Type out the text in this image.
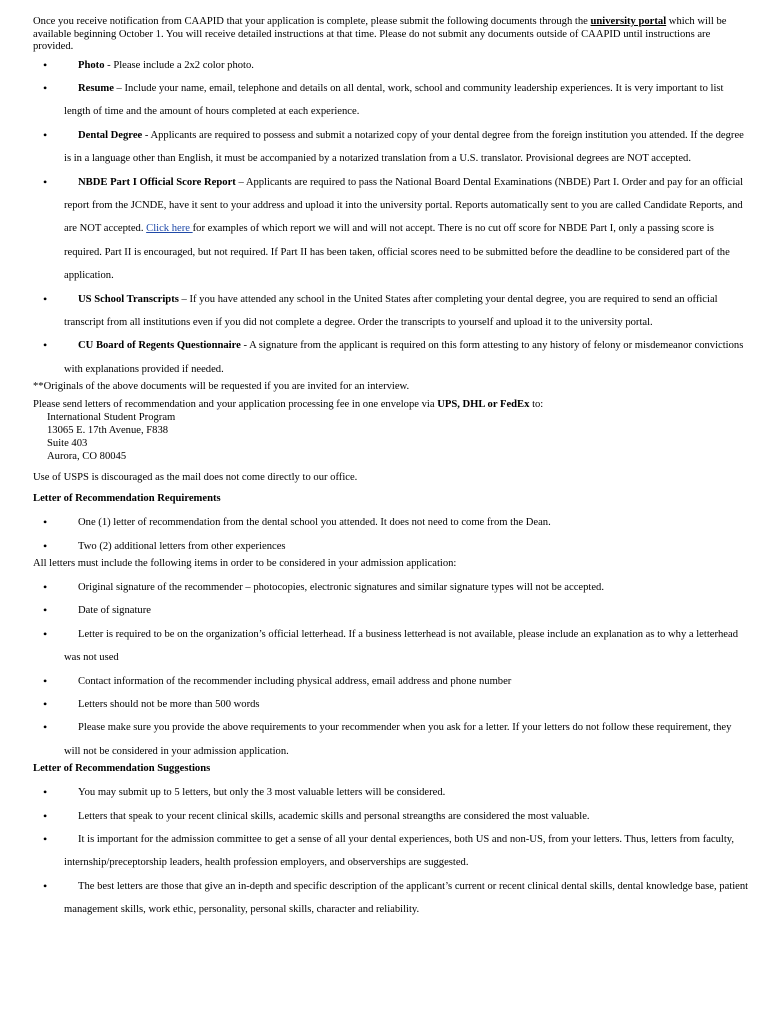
Once you receive notification from CAAPID that your application is complete, please submit the following documents through the university portal which will be available beginning October 1. You will receive detailed instructions at that time. Please do not submit any documents outside of CAAPID until instructions are provided.

• Photo - Please include a 2x2 color photo.
• Resume – Include your name, email, telephone and details on all dental, work, school and community leadership experiences. It is very important to list length of time and the amount of hours completed at each experience.
• Dental Degree - Applicants are required to possess and submit a notarized copy of your dental degree from the foreign institution you attended. If the degree is in a language other than English, it must be accompanied by a notarized translation from a U.S. translator. Provisional degrees are NOT accepted.
• NBDE Part I Official Score Report – Applicants are required to pass the National Board Dental Examinations (NBDE) Part I. Order and pay for an official report from the JCNDE, have it sent to your address and upload it into the university portal. Reports automatically sent to you are called Candidate Reports, and are NOT accepted. Click here for examples of which report we will and will not accept. There is no cut off score for NBDE Part I, only a passing score is required. Part II is encouraged, but not required. If Part II has been taken, official scores need to be submitted before the deadline to be considered part of the application.
• US School Transcripts – If you have attended any school in the United States after completing your dental degree, you are required to send an official transcript from all institutions even if you did not complete a degree. Order the transcripts to yourself and upload it to the university portal.
• CU Board of Regents Questionnaire - A signature from the applicant is required on this form attesting to any history of felony or misdemeanor convictions with explanations provided if needed.

**Originals of the above documents will be requested if you are invited for an interview.

Please send letters of recommendation and your application processing fee in one envelope via UPS, DHL or FedEx to:

International Student Program
13065 E. 17th Avenue, F838
Suite 403
Aurora, CO 80045

Use of USPS is discouraged as the mail does not come directly to our office.

Letter of Recommendation Requirements

• One (1) letter of recommendation from the dental school you attended. It does not need to come from the Dean.
• Two (2) additional letters from other experiences

All letters must include the following items in order to be considered in your admission application:

• Original signature of the recommender – photocopies, electronic signatures and similar signature types will not be accepted.
• Date of signature
• Letter is required to be on the organization’s official letterhead. If a business letterhead is not available, please include an explanation as to why a letterhead was not used
• Contact information of the recommender including physical address, email address and phone number
• Letters should not be more than 500 words
• Please make sure you provide the above requirements to your recommender when you ask for a letter. If your letters do not follow these requirement, they will not be considered in your admission application.

Letter of Recommendation Suggestions

• You may submit up to 5 letters, but only the 3 most valuable letters will be considered.
• Letters that speak to your recent clinical skills, academic skills and personal streangths are considered the most valuable.
• It is important for the admission committee to get a sense of all your dental experiences, both US and non-US, from your letters. Thus, letters from faculty, internship/preceptorship leaders, health profession employers, and observerships are suggested.
• The best letters are those that give an in-depth and specific description of the applicant’s current or recent clinical dental skills, dental knowledge base, patient management skills, work ethic, personality, personal skills, character and reliability.
